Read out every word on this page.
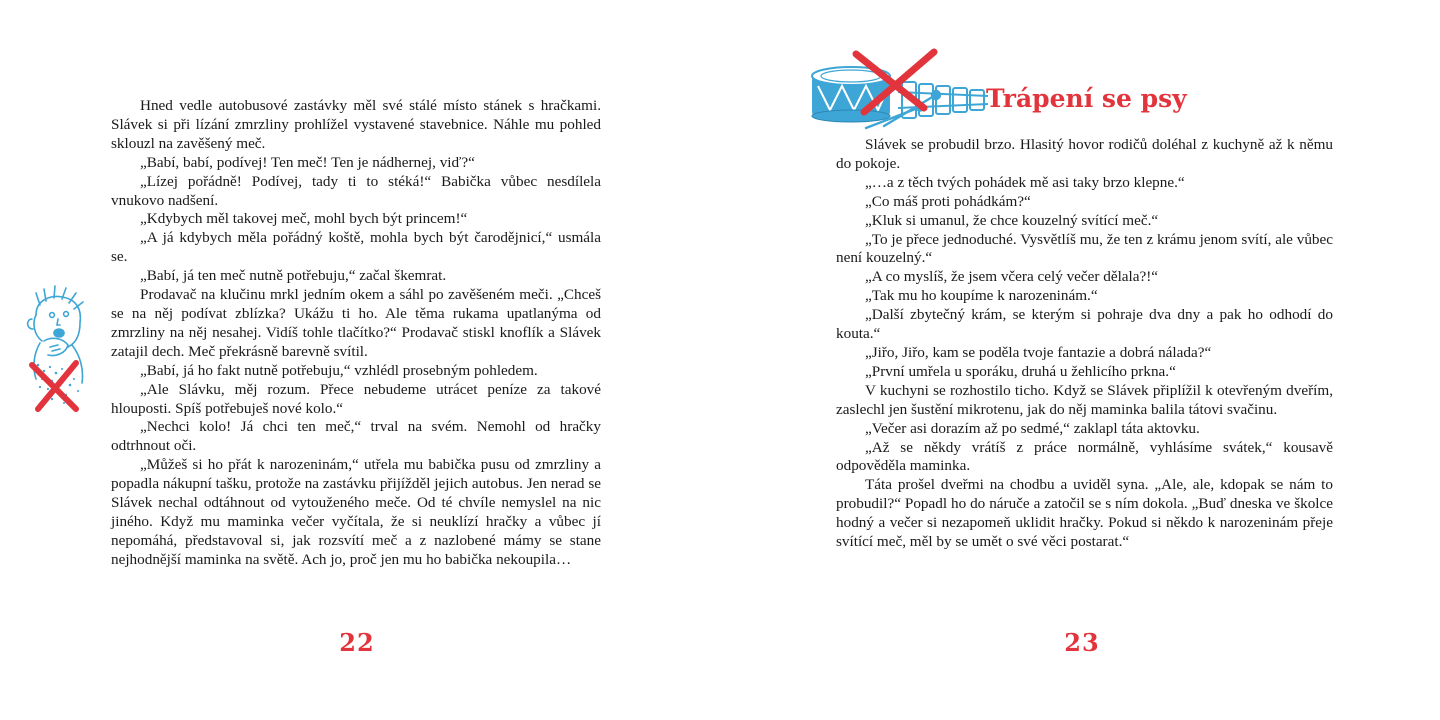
Hned vedle autobusové zastávky měl své stálé místo stánek s hračkami. Slávek si při lízání zmrzliny prohlížel vystavené stavebnice. Náhle mu pohled sklouzl na zavěšený meč.

„Babí, babí, podívej! Ten meč! Ten je nádhernej, viď?“

„Lízej pořádně! Podívej, tady ti to stéká!“ Babička vůbec nesdílela vnukovo nadšení.

„Kdybych měl takovej meč, mohl bych být princem!“

„A já kdybych měla pořádný koště, mohla bych být čarodějnicí,“ usmála se.

„Babí, já ten meč nutně potřebuju,“ začal škemrat.

Prodavač na klučinu mrkl jedním okem a sáhl po zavěšeném meči. „Chceš se na něj podívat zblízka? Ukážu ti ho. Ale těma rukama upatlanýma od zmrzliny na něj nesahej. Vidíš tohle tlačítko?“ Prodavač stiskl knoflík a Slávek zatajil dech. Meč překrásně barevně svítil.

„Babí, já ho fakt nutně potřebuju,“ vzhlédl prosebným pohledem.

„Ale Slávku, měj rozum. Přece nebudeme utrácet peníze za takové hlouposti. Spíš potřebuješ nové kolo.“

„Nechci kolo! Já chci ten meč,“ trval na svém. Nemohl od hračky odtrhnout oči.

„Můžeš si ho přát k narozeninám,“ utřela mu babička pusu od zmrzliny a popadla nákupní tašku, protože na zastávku přijížděl jejich autobus. Jen nerad se Slávek nechal odtáhnout od vytouženého meče. Od té chvíle nemyslel na nic jiného. Když mu maminka večer vyčítala, že si neuklízí hračky a vůbec jí nepomáhá, představoval si, jak rozsvítí meč a z nazlobené mámy se stane nejhodnější maminka na světě. Ach jo, proč jen mu ho babička nekoupila…

22
Trápení se psy

Slávek se probudil brzo. Hlasitý hovor rodičů doléhal z kuchyně až k němu do pokoje.

„…a z těch tvých pohádek mě asi taky brzo klepne.“

„Co máš proti pohádkám?“

„Kluk si umanul, že chce kouzelný svítící meč.“

„To je přece jednoduché. Vysvětlíš mu, že ten z krámu jenom svítí, ale vůbec není kouzelný.“

„A co myslíš, že jsem včera celý večer dělala?!“

„Tak mu ho koupíme k narozeninám.“

„Další zbytečný krám, se kterým si pohraje dva dny a pak ho odhodí do kouta.“

„Jiřo, Jiřo, kam se poděla tvoje fantazie a dobrá nálada?“

„První umřela u sporáku, druhá u žehlicího prkna.“

V kuchyni se rozhostilo ticho. Když se Slávek připlížil k otevřeným dveřím, zaslechl jen šustění mikrotenu, jak do něj maminka balila tátovi svačinu.

„Večer asi dorazím až po sedmé,“ zaklapl táta aktovku.

„Až se někdy vrátíš z práce normálně, vyhlásíme svátek,“ kousavě odpověděla maminka.

Táta prošel dveřmi na chodbu a uviděl syna. „Ale, ale, kdopak se nám to probudil?“ Popadl ho do náruče a zatočil se s ním dokola. „Buď dneska ve školce hodný a večer si nezapomeň uklidit hračky. Pokud si někdo k narozeninám přeje svítící meč, měl by se umět o své věci postarat.“

23
